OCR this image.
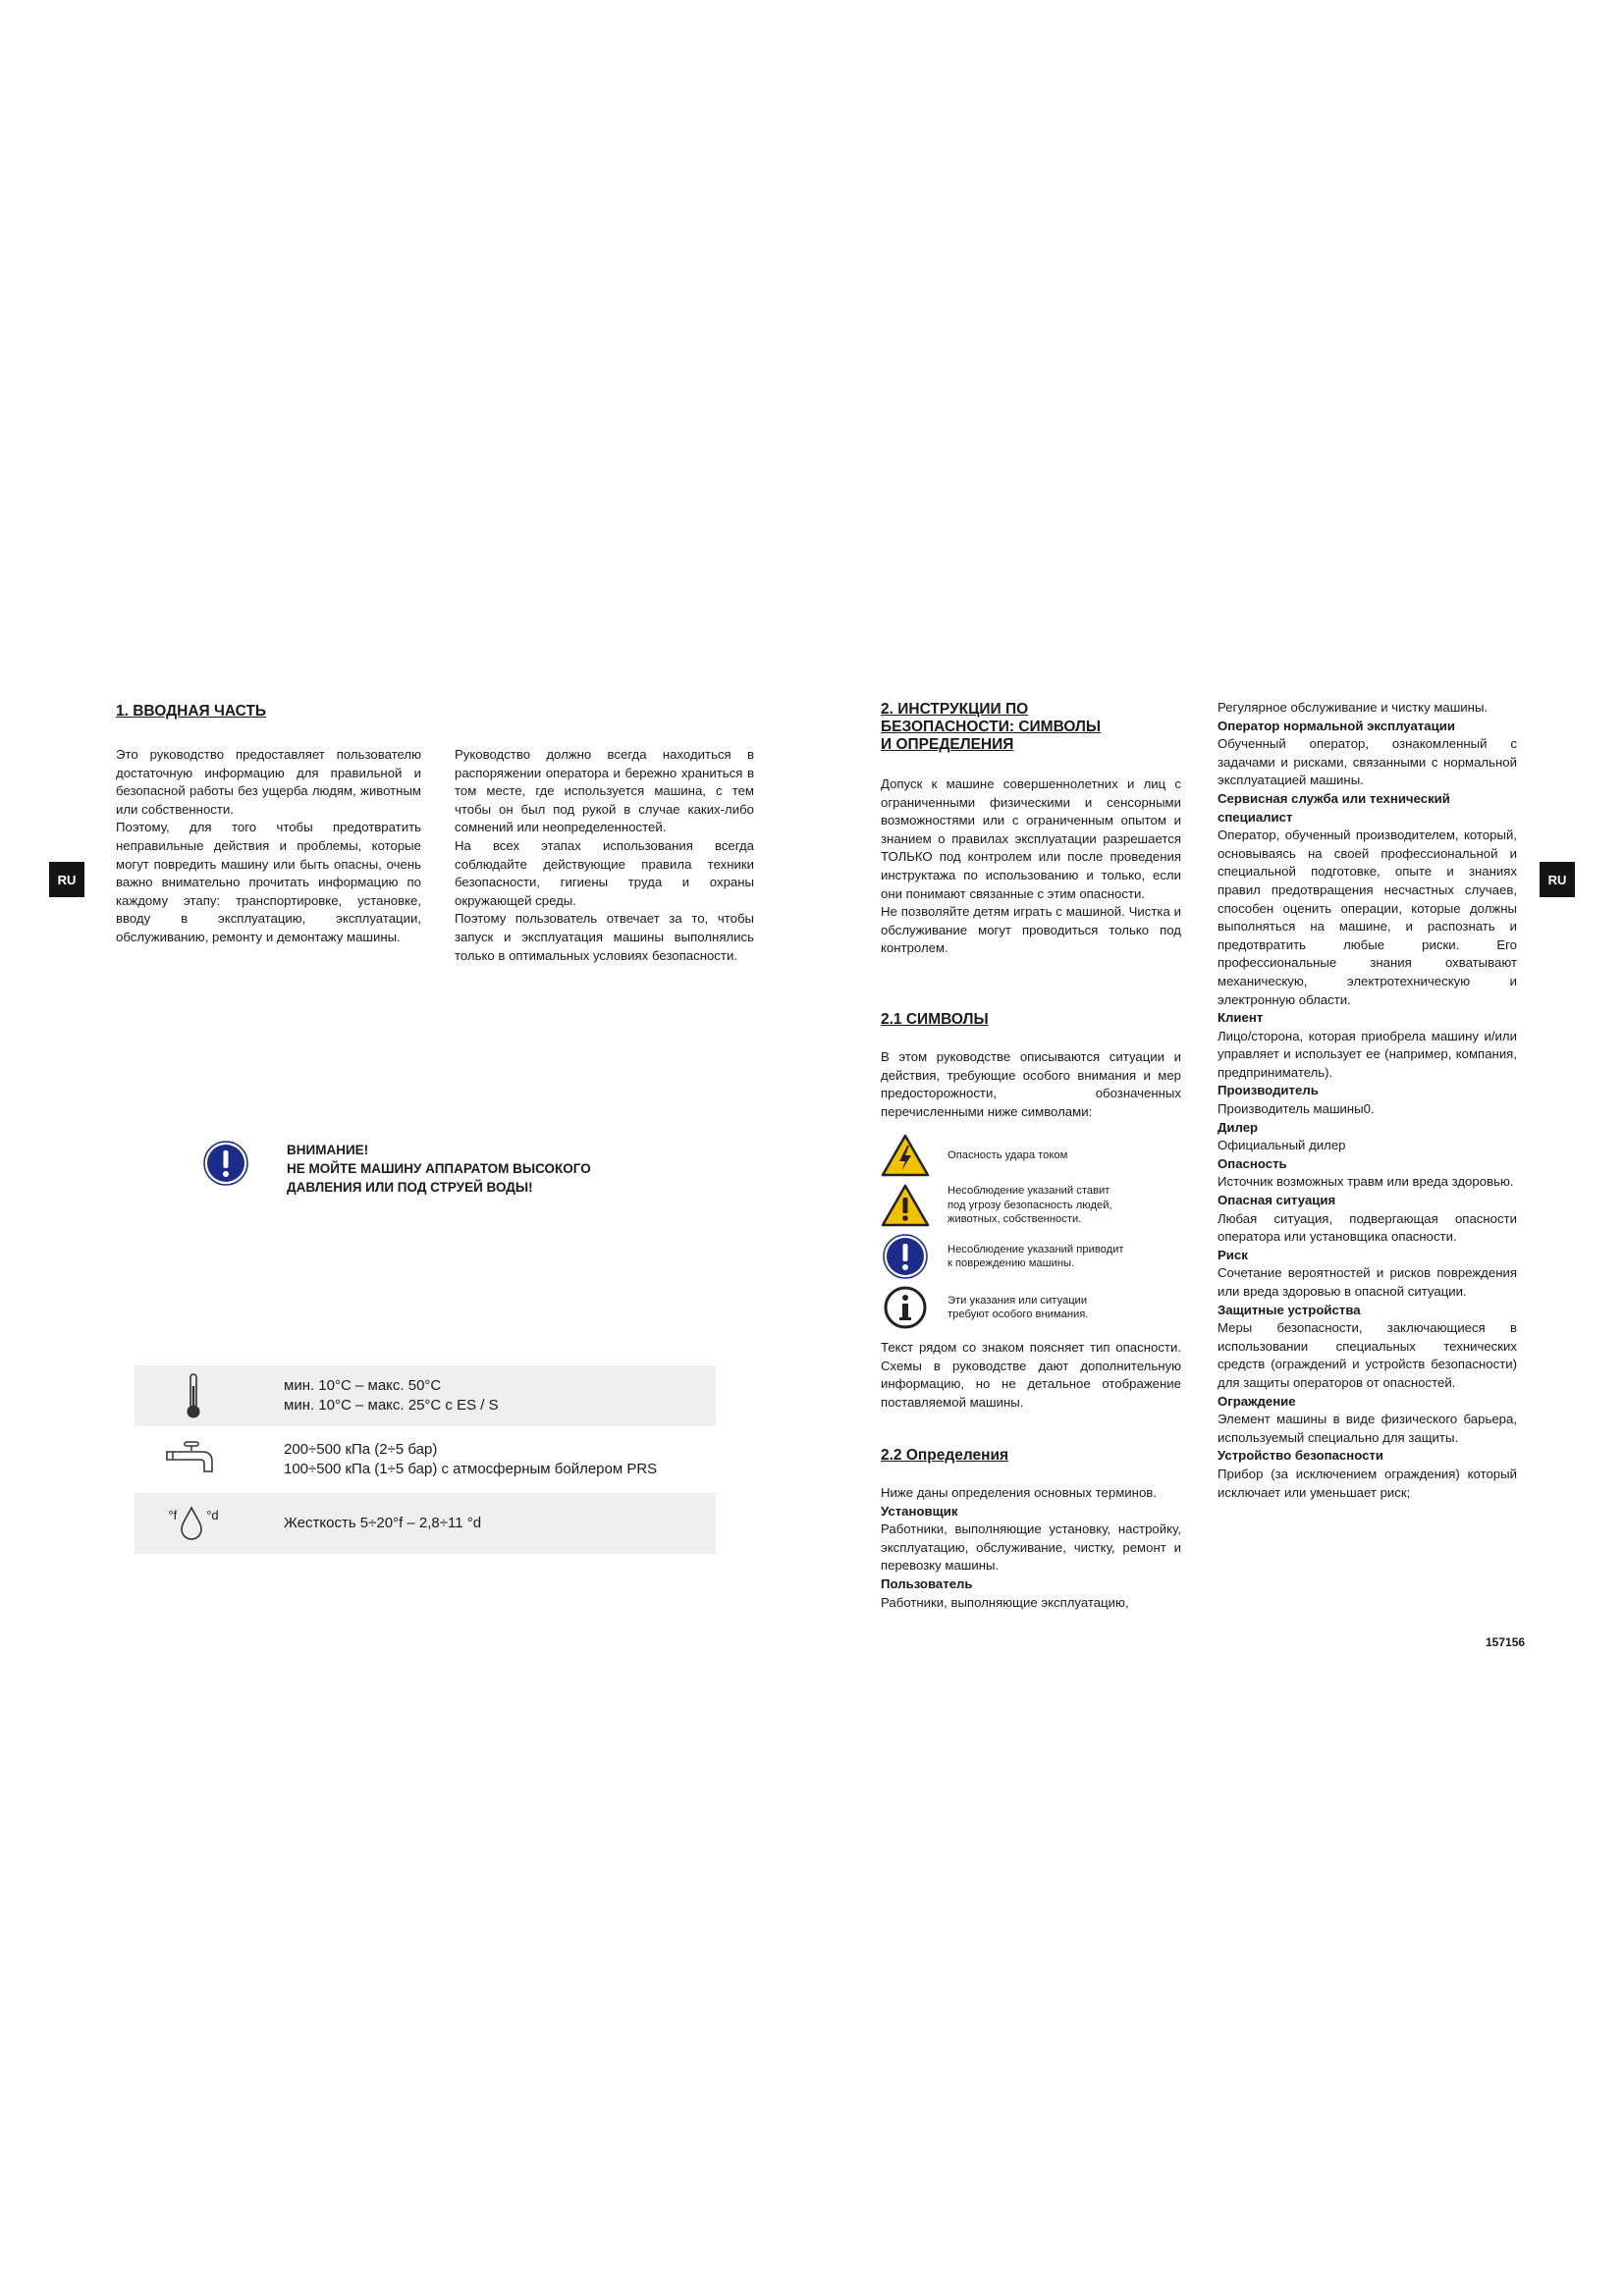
RU
1. ВВОДНАЯ ЧАСТЬ

Это руководство предоставляет пользователю достаточную информацию для правильной и безопасной работы без ущерба людям, животным или собственности.
Поэтому, для того чтобы предотвратить неправильные действия и проблемы, которые могут повредить машину или быть опасны, очень важно внимательно прочитать информацию по каждому этапу: транспортировке, установке, вводу в эксплуатацию, эксплуатации, обслуживанию, ремонту и демонтажу машины.

Руководство должно всегда находиться в распоряжении оператора и бережно храниться в том месте, где используется машина, с тем чтобы он был под рукой в случае каких-либо сомнений или неопределенностей.
На всех этапах использования всегда соблюдайте действующие правила техники безопасности, гигиены труда и охраны окружающей среды.
Поэтому пользователь отвечает за то, чтобы запуск и эксплуатация машины выполнялись только в оптимальных условиях безопасности.

ВНИМАНИЕ!
НЕ МОЙТЕ МАШИНУ АППАРАТОМ ВЫСОКОГО
ДАВЛЕНИЯ ИЛИ ПОД СТРУЕЙ ВОДЫ!
мин. 10°C – макс. 50°C
мин. 10°C – макс. 25°C с ES / S
200÷500 кПа (2÷5 бар)
100÷500 кПа (1÷5 бар) с атмосферным бойлером PRS
°f °d	Жесткость 5÷20°f – 2,8÷11 °d
RU
2. ИНСТРУКЦИИ ПО
БЕЗОПАСНОСТИ: СИМВОЛЫ
И ОПРЕДЕЛЕНИЯ

Допуск к машине совершеннолетних и лиц с ограниченными физическими и сенсорными возможностями или с ограниченным опытом и знанием о правилах эксплуатации разрешается ТОЛЬКО под контролем или после проведения инструктажа по использованию и только, если они понимают связанные с этим опасности.
Не позволяйте детям играть с машиной. Чистка и обслуживание могут проводиться только под контролем.

2.1 СИМВОЛЫ

В этом руководстве описываются ситуации и действия, требующие особого внимания и мер предосторожности, обозначенных перечисленными ниже символами:

Опасность удара током
Несоблюдение указаний ставит
под угрозу безопасность людей,
животных, собственности.
Несоблюдение указаний приводит
к повреждению машины.
Эти указания или ситуации
требуют особого внимания.

Текст рядом со знаком поясняет тип опасности. Схемы в руководстве дают дополнительную информацию, но не детальное отображение поставляемой машины.

2.2 Определения

Ниже даны определения основных терминов.

Установщик

Работники, выполняющие установку, настройку, эксплуатацию, обслуживание, чистку, ремонт и перевозку машины.

Пользователь

Работники, выполняющие эксплуатацию,

Регулярное обслуживание и чистку машины.

Оператор нормальной эксплуатации

Обученный оператор, ознакомленный с задачами и рисками, связанными с нормальной эксплуатацией машины.

Сервисная служба или технический специалист

Оператор, обученный производителем, который, основываясь на своей профессиональной и специальной подготовке, опыте и знаниях правил предотвращения несчастных случаев, способен оценить операции, которые должны выполняться на машине, и распознать и предотвратить любые риски. Его профессиональные знания охватывают механическую, электротехническую и электронную области.

Клиент

Лицо/сторона, которая приобрела машину и/или управляет и использует ее (например, компания, предприниматель).

Производитель

Производитель машины0.

Дилер

Официальный дилер

Опасность

Источник возможных травм или вреда здоровью.

Опасная ситуация

Любая ситуация, подвергающая опасности оператора или установщика опасности.

Риск

Сочетание вероятностей и рисков повреждения или вреда здоровью в опасной ситуации.

Защитные устройства

Меры безопасности, заключающиеся в использовании специальных технических средств (ограждений и устройств безопасности) для защиты операторов от опасностей.

Ограждение

Элемент машины в виде физического барьера, используемый специально для защиты.

Устройство безопасности

Прибор (за исключением ограждения) который исключает или уменьшает риск;

157156
